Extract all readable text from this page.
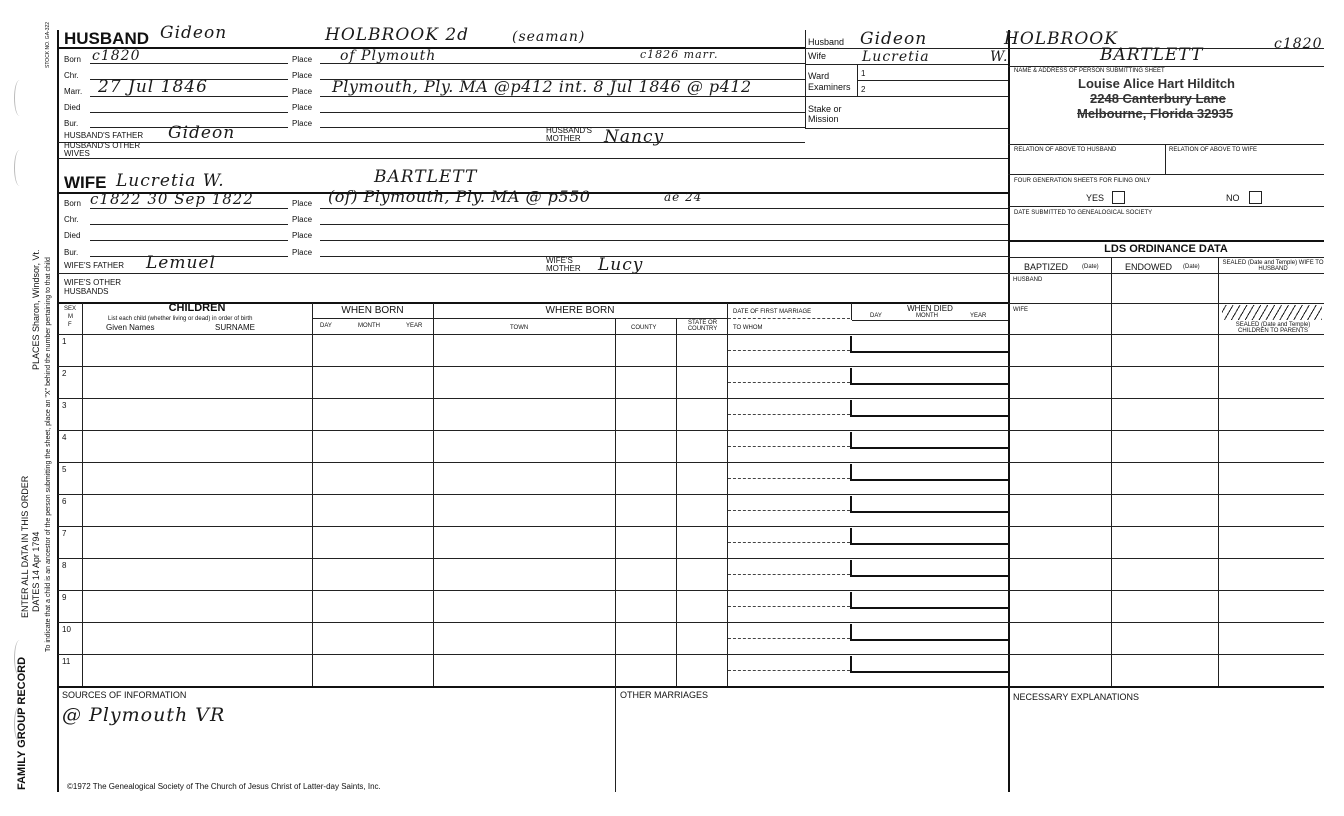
FAMILY GROUP RECORD
ENTER ALL DATA IN THIS ORDER DATES 14 Apr 1794
PLACES Sharon, Windsor, Vt. To indicate that a child is an ancestor of the person submitting the sheet, place an "X" behind the number pertaining to that child
STOCK NO. GA-322 HUSBAND Gideon	HOLBROOK 2d	(seaman)
Born c1820	Place of Plymouth	c1826 marr.
Chr.	Place
Marr. 27 Jul 1846	Place Plymouth, Ply. MA @p412 int. 8 Jul 1846 @ p412
Died	Place
Bur.	Place
HUSBAND'S FATHER Gideon	HUSBAND'S MOTHER	Nancy
HUSBAND'S OTHER WIVES
WIFE Lucretia W.	BARTLETT
Born c1822 30 Sep 1822	Place (of) Plymouth, Ply. MA @ p550	ae 24
Chr.	Place
Died	Place
Bur.	Place
WIFE'S FATHER Lemuel	WIFE'S MOTHER	Lucy
WIFE'S OTHER HUSBANDS
Husband Gideon	HOLBROOK	c1820
Wife	Lucretia	W.	BARTLETT
Ward
Examiners
1
2
Stake or
Mission
NAME & ADDRESS OF PERSON SUBMITTING SHEET
Louise Alice Hart Hilditch
2248 Canterbury Lane
Melbourne, Florida 32935
RELATION OF ABOVE TO HUSBAND	RELATION OF ABOVE TO WIFE
FOUR GENERATION SHEETS FOR FILING ONLY
YES	NO
DATE SUBMITTED TO GENEALOGICAL SOCIETY
LDS ORDINANCE DATA
BAPTIZED (Date)	ENDOWED (Date)
SEALED (Date and Temple) WIFE TO HUSBAND
HUSBAND
WIFE
SEALED (Date and Temple) CHILDREN TO PARENTS
SEX
M
F
CHILDREN
List each child (whether living or dead) in order of birth
Given Names	SURNAME
WHEN BORN
DAY	MONTH	YEAR
WHERE BORN
TOWN	COUNTY
STATE OR COUNTRY
DATE OF FIRST MARRIAGE
TO WHOM
DAY
WHEN DIED
MONTH	YEAR
1
2
3
4
5
6
7
8
9
10
11
SOURCES OF INFORMATION
@ Plymouth VR
OTHER MARRIAGES	NECESSARY EXPLANATIONS
©1972 The Genealogical Society of The Church of Jesus Christ of Latter-day Saints, Inc.
